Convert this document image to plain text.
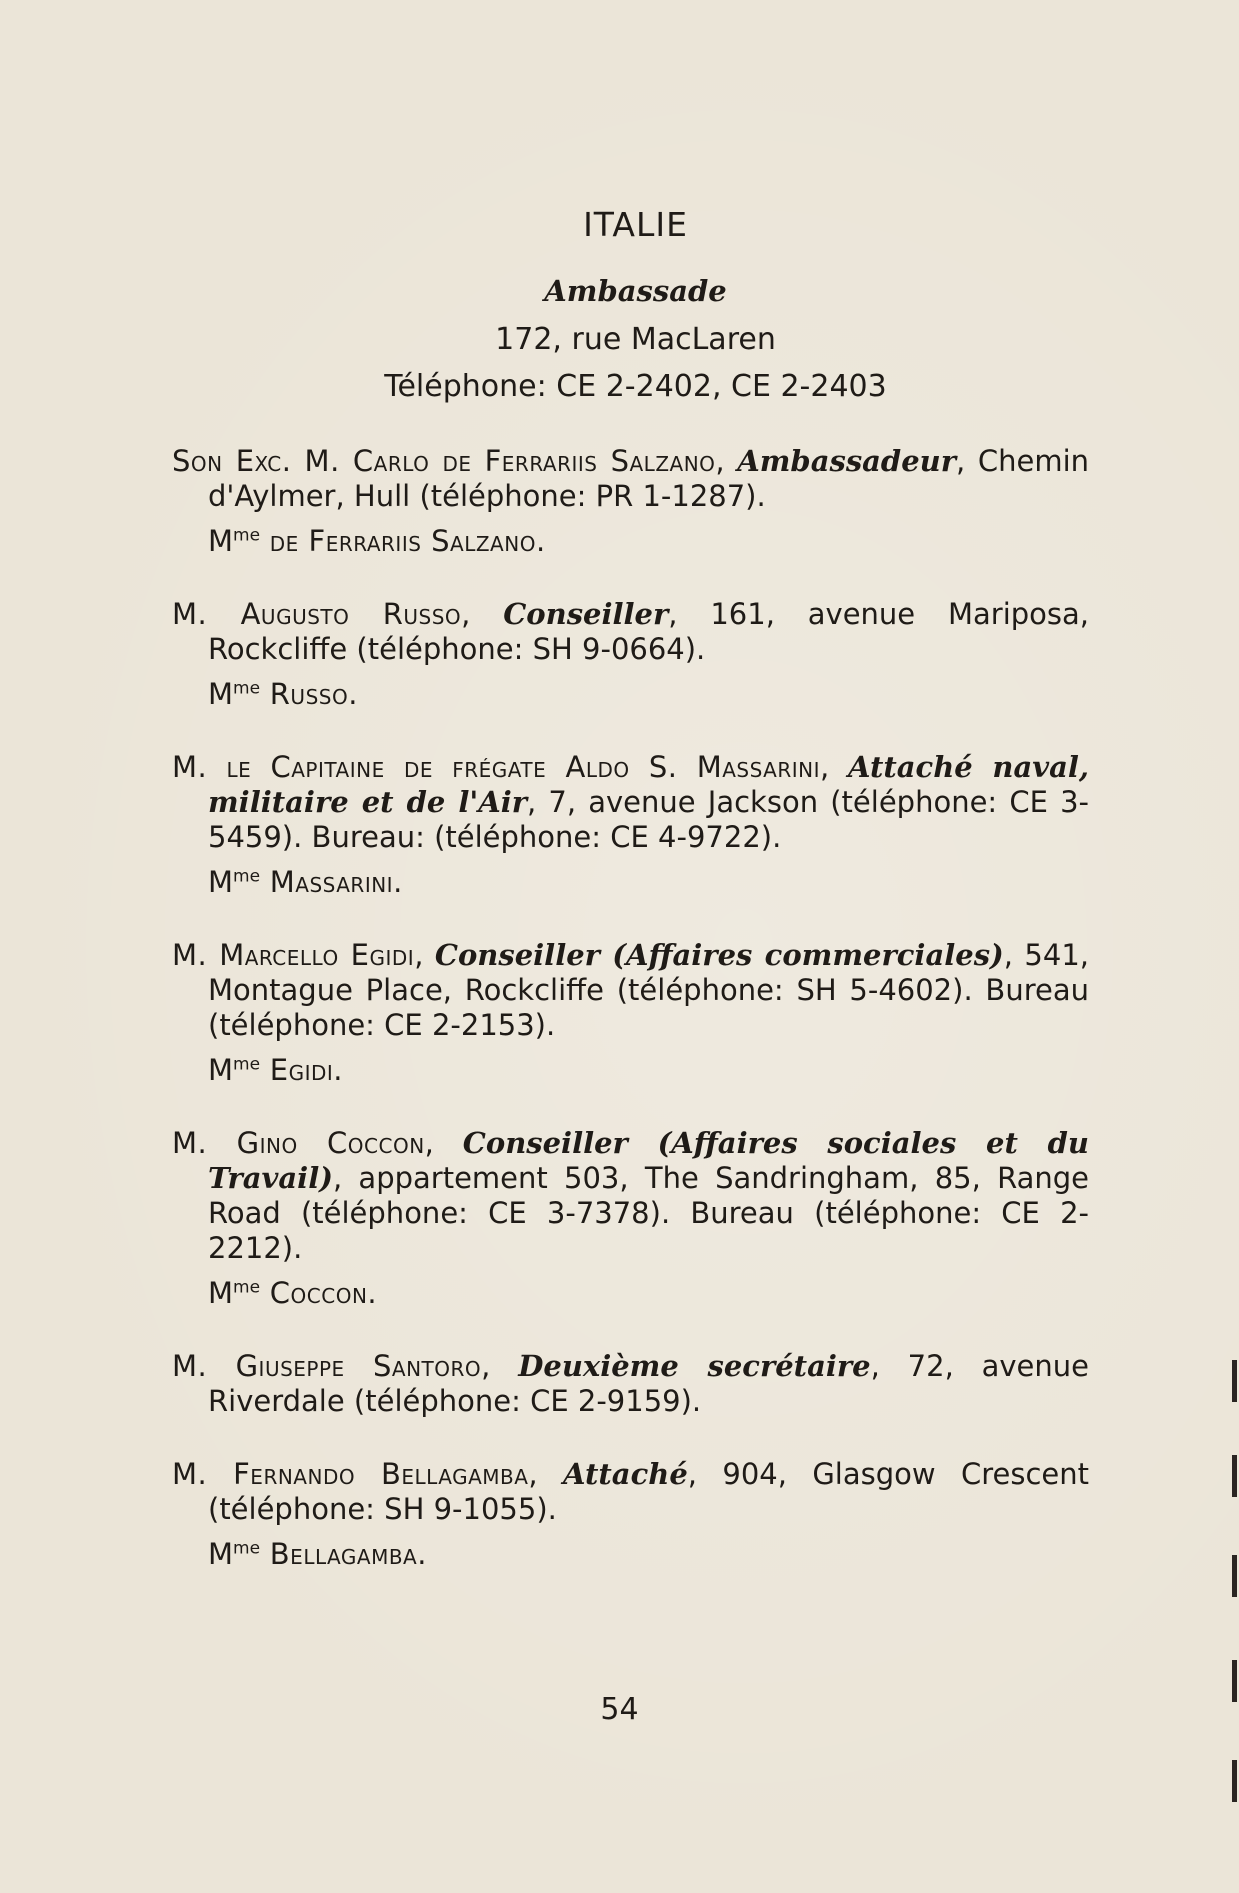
ITALIE
Ambassade
172, rue MacLaren
Téléphone: CE 2-2402, CE 2-2403

Son Exc. M. Carlo de Ferrariis Salzano, Ambassadeur, Chemin d'Aylmer, Hull (téléphone: PR 1-1287).

$M^{me}$ de Ferrariis Salzano.

M. Augusto Russo, Conseiller, 161, avenue Mariposa, Rockcliffe (téléphone: SH 9-0664).

$M^{me}$ Russo.

M. le Capitaine de frégate Aldo S. Massarini, Attaché naval, militaire et de l'Air, 7, avenue Jackson (téléphone: CE 3-5459). Bureau: (téléphone: CE 4-9722).

$M^{me}$ Massarini.

M. Marcello Egidi, Conseiller (Affaires commerciales), 541, Montague Place, Rockcliffe (téléphone: SH 5-4602). Bureau (téléphone: CE 2-2153).

$M^{me}$ Egidi.

M. Gino Coccon, Conseiller (Affaires sociales et du Travail), appartement 503, The Sandringham, 85, Range Road (téléphone: CE 3-7378). Bureau (téléphone: CE 2-2212).

$M^{me}$ Coccon.

M. Giuseppe Santoro, Deuxième secrétaire, 72, avenue Riverdale (téléphone: CE 2-9159).

M. Fernando Bellagamba, Attaché, 904, Glasgow Crescent (téléphone: SH 9-1055).

$M^{me}$ Bellagamba.

54
